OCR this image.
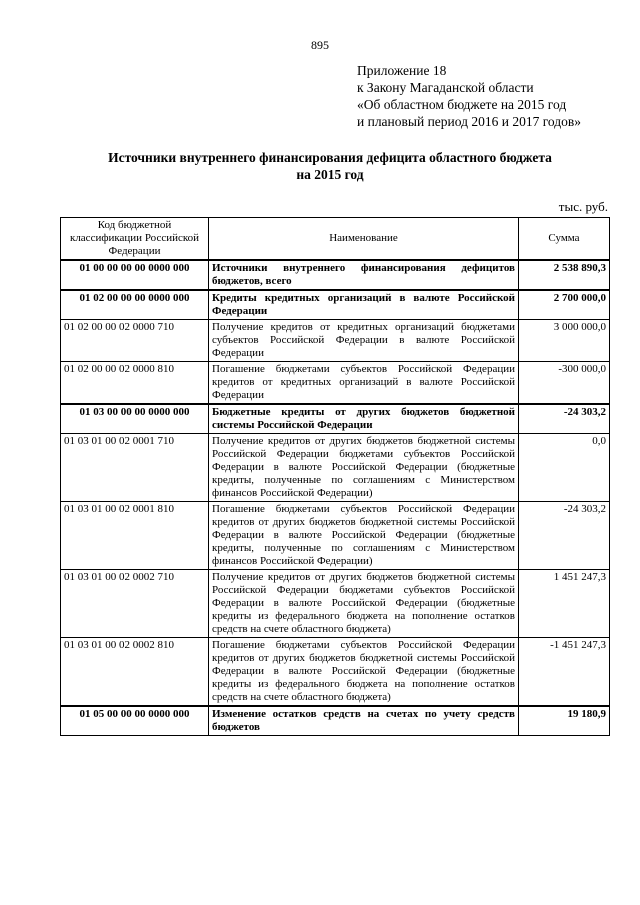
895
Приложение 18
к Закону Магаданской области
«Об областном бюджете на 2015 год
и плановый период 2016 и 2017 годов»
Источники внутреннего финансирования дефицита областного бюджета
на 2015 год
тыс. руб.
Код бюджетной классификации Российской Федерации	Наименование	Сумма
01 00 00 00 00 0000 000	Источники внутреннего финансирования дефицитов бюджетов, всего	2 538 890,3
01 02 00 00 00 0000 000	Кредиты кредитных организаций в валюте Российской Федерации	2 700 000,0
01 02 00 00 02 0000 710	Получение кредитов от кредитных организаций бюджетами субъектов Российской Федерации в валюте Российской Федерации	3 000 000,0
01 02 00 00 02 0000 810	Погашение бюджетами субъектов Российской Федерации кредитов от кредитных организаций в валюте Российской Федерации	-300 000,0
01 03 00 00 00 0000 000	Бюджетные кредиты от других бюджетов бюджетной системы Российской Федерации	-24 303,2
01 03 01 00 02 0001 710	Получение кредитов от других бюджетов бюджетной системы Российской Федерации бюджетами субъектов Российской Федерации в валюте Российской Федерации (бюджетные кредиты, полученные по соглашениям с Министерством финансов Российской Федерации)	0,0
01 03 01 00 02 0001 810	Погашение бюджетами субъектов Российской Федерации кредитов от других бюджетов бюджетной системы Российской Федерации в валюте Российской Федерации (бюджетные кредиты, полученные по соглашениям с Министерством финансов Российской Федерации)	-24 303,2
01 03 01 00 02 0002 710	Получение кредитов от других бюджетов бюджетной системы Российской Федерации бюджетами субъектов Российской Федерации в валюте Российской Федерации (бюджетные кредиты из федерального бюджета на пополнение остатков средств на счете областного бюджета)	1 451 247,3
01 03 01 00 02 0002 810	Погашение бюджетами субъектов Российской Федерации кредитов от других бюджетов бюджетной системы Российской Федерации в валюте Российской Федерации (бюджетные кредиты из федерального бюджета на пополнение остатков средств на счете областного бюджета)	-1 451 247,3
01 05 00 00 00 0000 000	Изменение остатков средств на счетах по учету средств бюджетов	19 180,9
